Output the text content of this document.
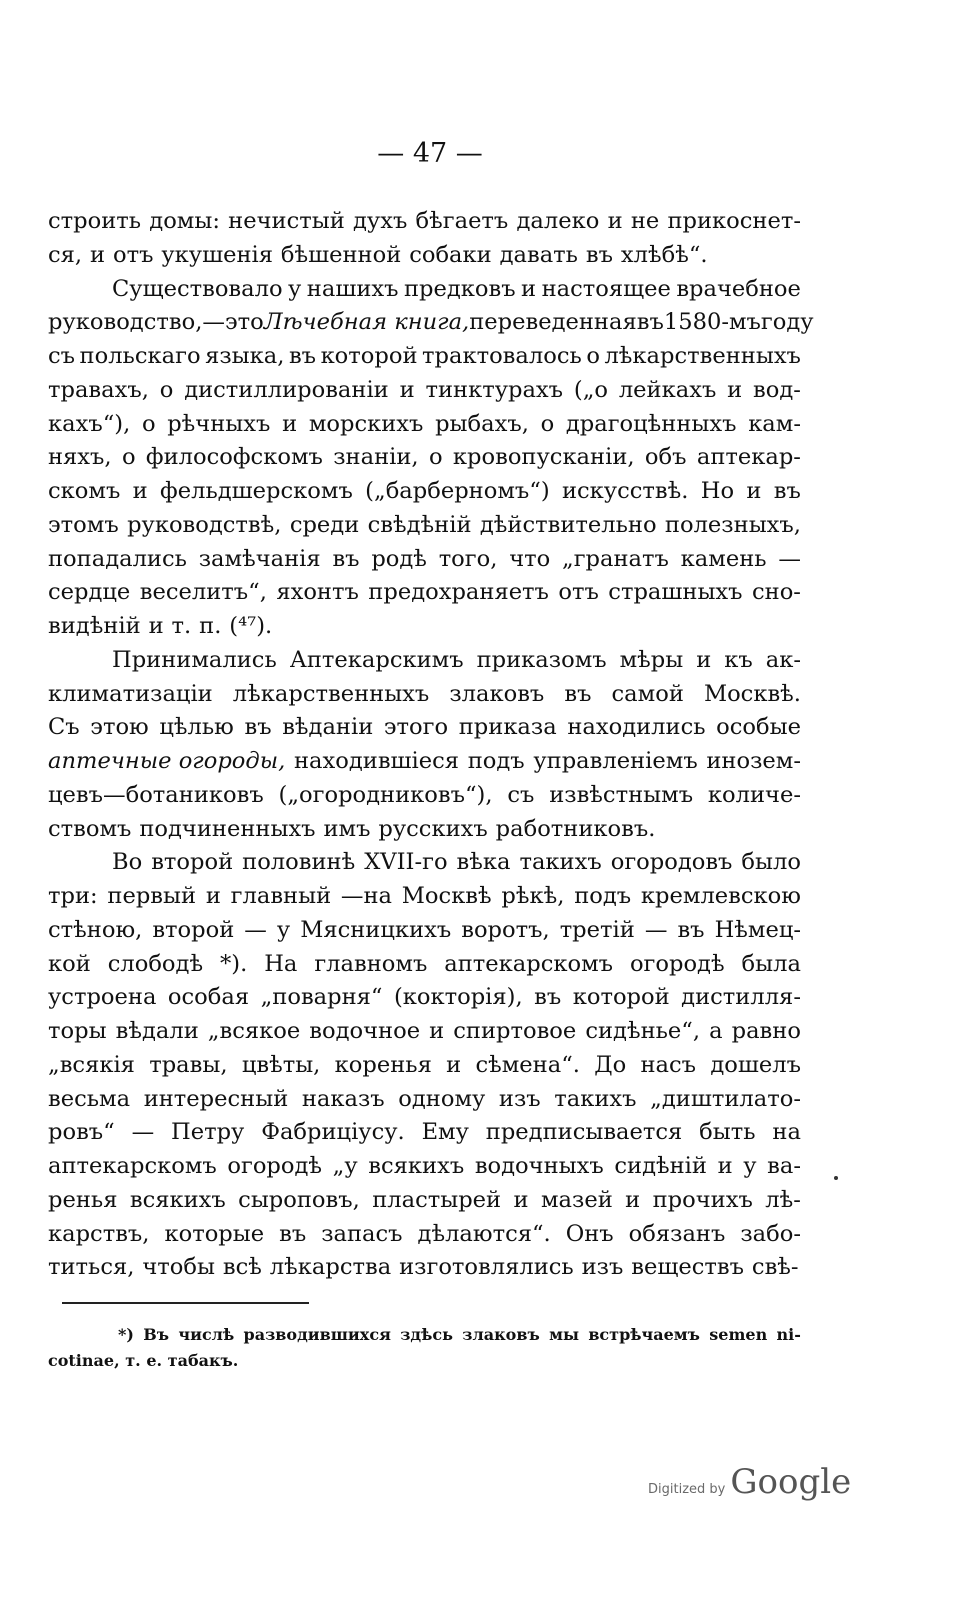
— 47 —
строить домы: нечистый духъ бѣгаетъ далеко и не прикоснет-
ся, и отъ укушенія бѣшенной собаки давать въ хлѣбѣ“.
Существовало у нашихъ предковъ и настоящее врачебное
руководство,—это Лѣчебная книга, переведенная въ 1580-мъ году
съ польскаго языка, въ которой трактовалось о лѣкарственныхъ
травахъ, о дистиллированіи и тинктурахъ („о лейкахъ и вод-
кахъ“), о рѣчныхъ и морскихъ рыбахъ, о драгоцѣнныхъ кам-
няхъ, о философскомъ знаніи, о кровопусканіи, объ аптекар-
скомъ и фельдшерскомъ („барберномъ“) искусствѣ. Но и въ
этомъ руководствѣ, среди свѣдѣній дѣйствительно полезныхъ,
попадались замѣчанія въ родѣ того, что „гранатъ камень —
сердце веселитъ“, яхонтъ предохраняетъ отъ страшныхъ сно-
видѣній и т. п. (⁴⁷).
Принимались Аптекарскимъ приказомъ мѣры и къ ак-
климатизаціи лѣкарственныхъ злаковъ въ самой Москвѣ.
Съ этою цѣлью въ вѣданіи этого приказа находились особые
аптечные огороды, находившіеся подъ управленіемъ инозем-
цевъ—ботаниковъ („огородниковъ“), съ извѣстнымъ количе-
ствомъ подчиненныхъ имъ русскихъ работниковъ.
Во второй половинѣ XVII-го вѣка такихъ огородовъ было
три: первый и главный —на Москвѣ рѣкѣ, подъ кремлевскою
стѣною, второй — у Мясницкихъ воротъ, третій — въ Нѣмец-
кой слободѣ *). На главномъ аптекарскомъ огородѣ была
устроена особая „поварня“ (кокторія), въ которой дистилля-
торы вѣдали „всякое водочное и спиртовое сидѣнье“, а равно
„всякія травы, цвѣты, коренья и сѣмена“. До насъ дошелъ
весьма интересный наказъ одному изъ такихъ „диштилато-
ровъ“ — Петру Фабриціусу. Ему предписывается быть на
аптекарскомъ огородѣ „у всякихъ водочныхъ сидѣній и у ва-
ренья всякихъ сыроповъ, пластырей и мазей и прочихъ лѣ-
карствъ, которые въ запасъ дѣлаются“. Онъ обязанъ забо-
титься, чтобы всѣ лѣкарства изготовлялись изъ веществъ свѣ-
*) Въ числѣ разводившихся здѣсь злаковъ мы встрѣчаемъ semen ni-
cotinae, т. е. табакъ.
Digitized by Google
